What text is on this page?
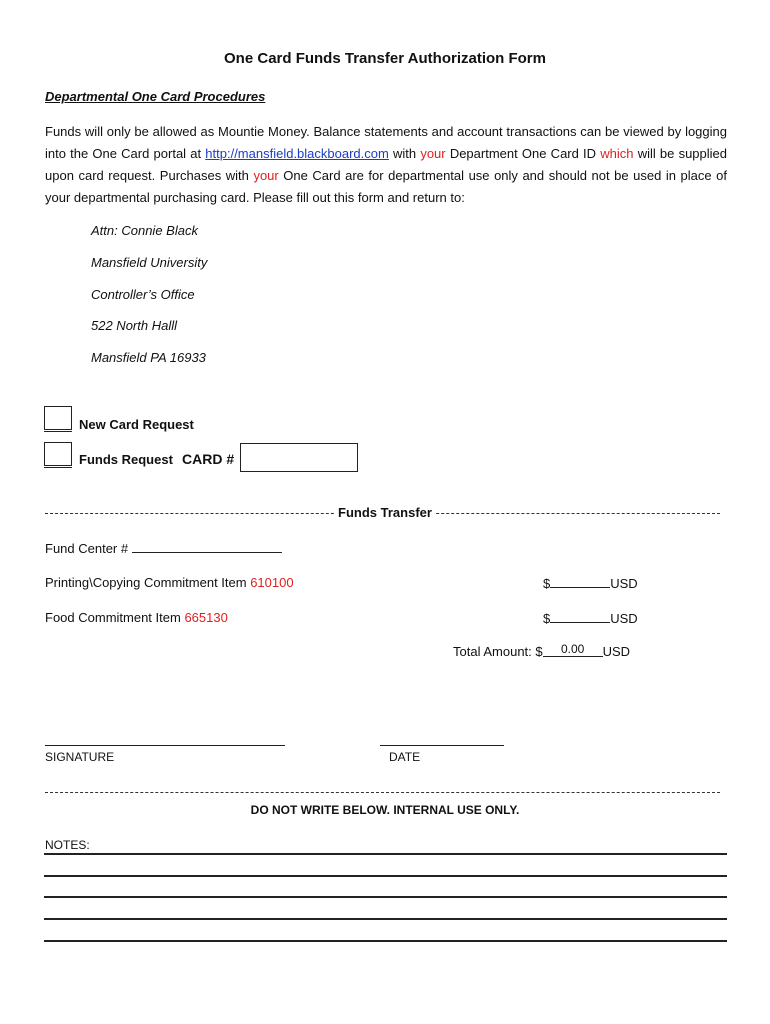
One Card Funds Transfer Authorization Form
Departmental One Card Procedures
Funds will only be allowed as Mountie Money. Balance statements and account transactions can be viewed by logging into the One Card portal at http://mansfield.blackboard.com with your Department One Card ID which will be supplied upon card request. Purchases with your One Card are for departmental use only and should not be used in place of your departmental purchasing card. Please fill out this form and return to:
Attn: Connie Black
Mansfield University
Controller’s Office
522 North Halll
Mansfield PA 16933
New Card Request
Funds Request CARD #
Funds Transfer
Fund Center #
Printing\Copying Commitment Item 610100	$	USD
Food Commitment Item 665130	$	USD
Total Amount: $ 0.00 USD
SIGNATURE	DATE
DO NOT WRITE BELOW. INTERNAL USE ONLY.
NOTES:
